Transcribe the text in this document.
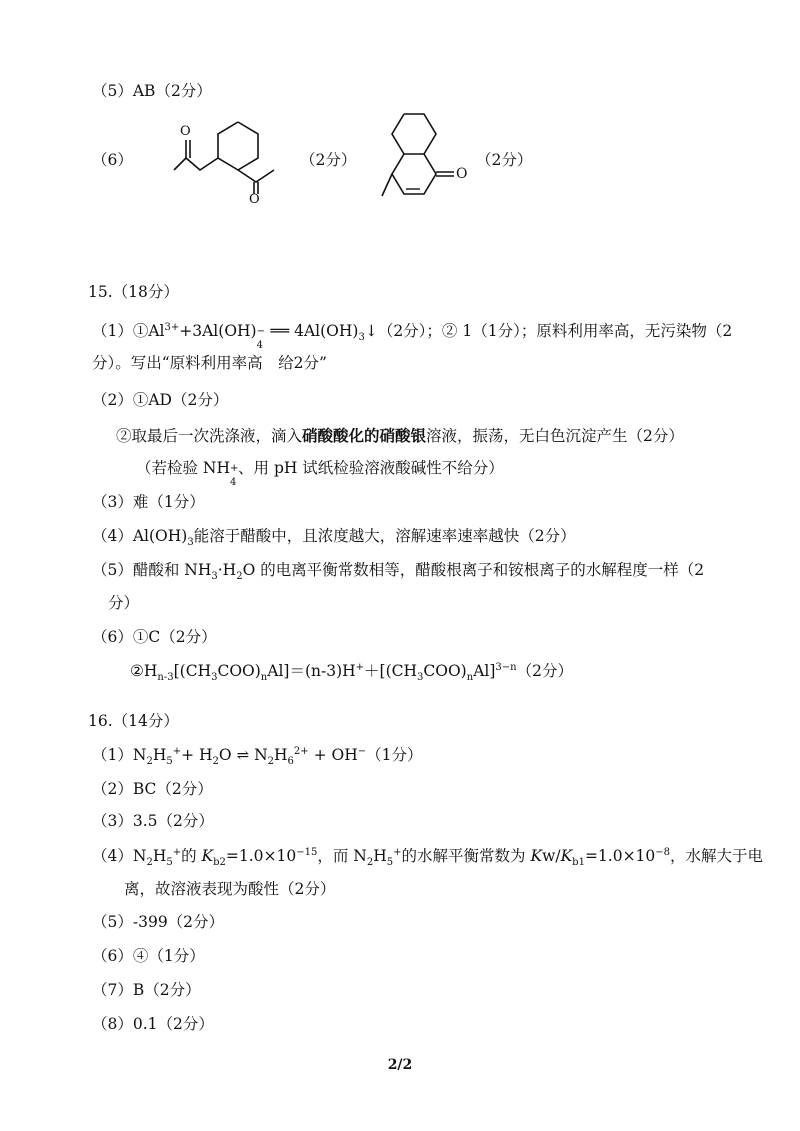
（5）AB（2分）
（6）
O
O
（2分）
O
（2分）
15.（18分）
$(1)①Al^{3+}+3Al(OH)$ −
4
══ $4Al(OH)_3↓(2$分）；② 1（1分）；原料利用率高，无污染物（2
分）。写出“原料利用率高　给2分”
（2）①AD（2分）
②取最后一次洗涤液，滴入硝酸酸化的硝酸银溶液，振荡，无白色沉淀产生（2分）
（若检验 NH +
4
、用 pH 试纸检验溶液酸碱性不给分）
（3）难（1分）
$(4)Al(OH)_3$能溶于醋酸中，且浓度越大，溶解速率速率越快（2分）
（5）醋酸和 $NH_3\cdot H_2O$ 的电离平衡常数相等，醋酸根离子和铵根离子的水解程度一样（2
分）
（6）①C（2分）
$②H_{n-3}[(CH_3COO)_nAl]=(n-3)H^++[(CH_3COO)_nAl]^{3-n}(2$分）
16.（14分）
$(1)N_2H_5^++ H_2O$ ⇌ $N_2H_6^{2+} + OH^-(1$分）
（2）BC（2分）
（3）3.5（2分）
$(4)N_2H_5^+$的 $K_{b2}=1.0\times 10^{-15}$，而 $N_2H_5^+$的水解平衡常数为 $Kw/K_{b1}=1.0\times 10^{-8}$，水解大于电
离，故溶液表现为酸性（2分）
（5）-399（2分）
（6）④（1分）
（7）B（2分）
（8）0.1（2分）
2/2
